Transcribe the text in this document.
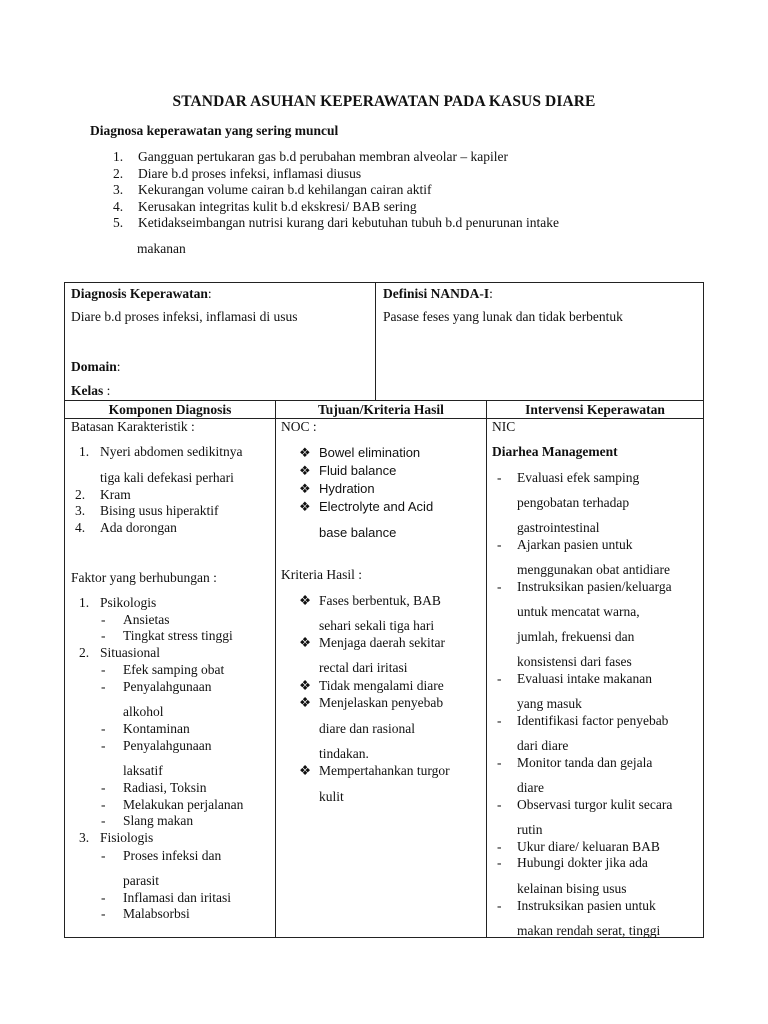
STANDAR ASUHAN KEPERAWATAN PADA KASUS DIARE
Diagnosa keperawatan yang sering muncul
1. Gangguan pertukaran gas b.d perubahan membran alveolar – kapiler
2. Diare b.d proses infeksi, inflamasi diusus
3. Kekurangan volume cairan b.d kehilangan cairan aktif
4. Kerusakan integritas kulit b.d ekskresi/ BAB sering
5. Ketidakseimbangan nutrisi kurang dari kebutuhan tubuh b.d penurunan intake
makanan
Diagnosis Keperawatan:
Diare b.d proses infeksi, inflamasi di usus
Domain:
Kelas :
Definisi NANDA-I:
Pasase feses yang lunak dan tidak berbentuk
Komponen Diagnosis	Tujuan/Kriteria Hasil	Intervensi Keperawatan
Batasan Karakteristik :
1. Nyeri abdomen sedikitnya
tiga kali defekasi perhari
2. Kram
3. Bising usus hiperaktif
4. Ada dorongan
Faktor yang berhubungan :
1. Psikologis
- Ansietas
- Tingkat stress tinggi
2. Situasional
- Efek samping obat
- Penyalahgunaan
alkohol
- Kontaminan
- Penyalahgunaan
laksatif
- Radiasi, Toksin
- Melakukan perjalanan
- Slang makan
3. Fisiologis
- Proses infeksi dan
parasit
- Inflamasi dan iritasi
- Malabsorbsi
NOC :
❖ Bowel elimination
❖ Fluid balance
❖ Hydration
❖ Electrolyte and Acid
base balance
Kriteria Hasil :
❖ Fases berbentuk, BAB
sehari sekali tiga hari
❖ Menjaga daerah sekitar
rectal dari iritasi
❖ Tidak mengalami diare
❖ Menjelaskan penyebab
diare dan rasional
tindakan.
❖ Mempertahankan turgor
kulit
NIC
Diarhea Management
- Evaluasi efek samping
pengobatan terhadap
gastrointestinal
- Ajarkan pasien untuk
menggunakan obat antidiare
- Instruksikan pasien/keluarga
untuk mencatat warna,
jumlah, frekuensi dan
konsistensi dari fases
- Evaluasi intake makanan
yang masuk
- Identifikasi factor penyebab
dari diare
- Monitor tanda dan gejala
diare
- Observasi turgor kulit secara
rutin
- Ukur diare/ keluaran BAB
- Hubungi dokter jika ada
kelainan bising usus
- Instruksikan pasien untuk
makan rendah serat, tinggi
